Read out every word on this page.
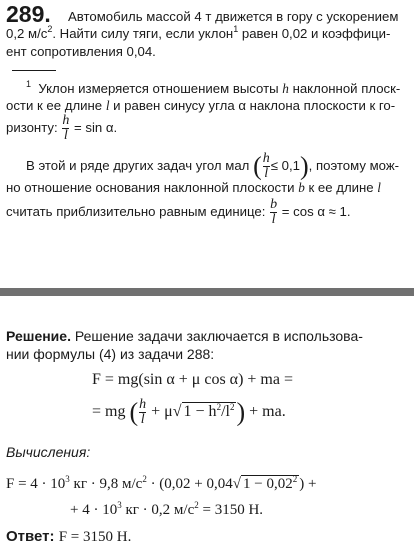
289. Автомобиль массой 4 т движется в гору с ускорением
0,2 $м/с^2$. Найти силу тяги, если уклон$^1$ равен 0,02 и коэффици-
ент сопротивления 0,04.
$^1$ Уклон измеряется отношением высоты h наклонной плоск-
ости к ее длине l и равен синусу угла α наклона плоскости к го-
ризонту: $\frac{h}{l} = \sin \alpha$.
В этой и ряде других задач угол мал ( $\frac{h}{l} \le 0,1$), поэтому мож-
но отношение основания наклонной плоскости b к ее длине l
считать приблизительно равным единице: $\frac{b}{l} = \cos \alpha \approx 1$.
Решение. Решение задачи заключается в использова-
нии формулы (4) из задачи 288:
F = mg(sin α + μ cos α) + ma =
= mg ( $\frac{h}{l} + \mu√$ $1 - h^2/l^2$) + ma.
Вычисления:
$F = 4 \cdot 10^3$ кг · 9,8 $м/с^2 \cdot (0,02 + 0,04√$ $1 - 0,02^2$ ) +
+ $4 \cdot 10^3$ кг · 0,2 $м/с^2 = 3150$ Н.
Ответ: F = 3150 Н.
